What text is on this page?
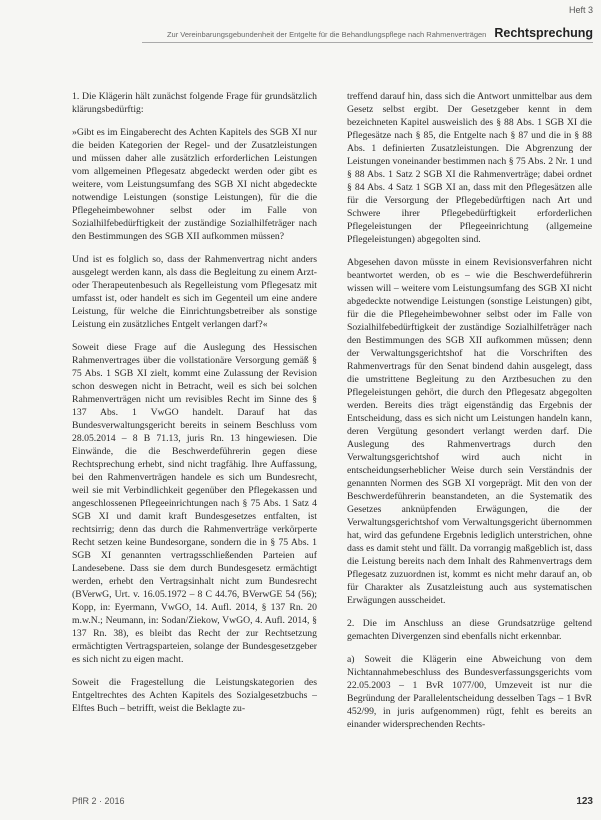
Heft 3
Zur Vereinbarungsgebundenheit der Entgelte für die Behandlungspflege nach Rahmenverträgen Rechtsprechung

1. Die Klägerin hält zunächst folgende Frage für grundsätzlich klärungsbedürftig:

»Gibt es im Eingaberecht des Achten Kapitels des SGB XI nur die beiden Kategorien der Regel- und der Zusatzleistungen und müssen daher alle zusätzlich erforderlichen Leistungen vom allgemeinen Pflegesatz abgedeckt werden oder gibt es weitere, vom Leistungsumfang des SGB XI nicht abgedeckte notwendige Leistungen (sonstige Leistungen), für die die Pflegeheimbewohner selbst oder im Falle von Sozialhilfebedürftigkeit der zuständige Sozialhilfeträger nach den Bestimmungen des SGB XII aufkommen müssen?

Und ist es folglich so, dass der Rahmenvertrag nicht anders ausgelegt werden kann, als dass die Begleitung zu einem Arzt- oder Therapeutenbesuch als Regelleistung vom Pflegesatz mit umfasst ist, oder handelt es sich im Gegenteil um eine andere Leistung, für welche die Einrichtungsbetreiber als sonstige Leistung ein zusätzliches Entgelt verlangen darf?«

Soweit diese Frage auf die Auslegung des Hessischen Rahmenvertrages über die vollstationäre Versorgung gemäß § 75 Abs. 1 SGB XI zielt, kommt eine Zulassung der Revision schon deswegen nicht in Betracht, weil es sich bei solchen Rahmenverträgen nicht um revisibles Recht im Sinne des § 137 Abs. 1 VwGO handelt. Darauf hat das Bundesverwaltungsgericht bereits in seinem Beschluss vom 28.05.2014 – 8 B 71.13, juris Rn. 13 hingewiesen. Die Einwände, die die Beschwerdeführerin gegen diese Rechtsprechung erhebt, sind nicht tragfähig. Ihre Auffassung, bei den Rahmenverträgen handele es sich um Bundesrecht, weil sie mit Verbindlichkeit gegenüber den Pflegekassen und angeschlossenen Pflegeeinrichtungen nach § 75 Abs. 1 Satz 4 SGB XI und damit kraft Bundesgesetzes entfalten, ist rechtsirrig; denn das durch die Rahmenverträge verkörperte Recht setzen keine Bundesorgane, sondern die in § 75 Abs. 1 SGB XI genannten vertragsschließenden Parteien auf Landesebene. Dass sie dem durch Bundesgesetz ermächtigt werden, erhebt den Vertragsinhalt nicht zum Bundesrecht (BVerwG, Urt. v. 16.05.1972 – 8 C 44.76, BVerwGE 54 (56); Kopp, in: Eyermann, VwGO, 14. Aufl. 2014, § 137 Rn. 20 m.w.N.; Neumann, in: Sodan/Ziekow, VwGO, 4. Aufl. 2014, § 137 Rn. 38), es bleibt das Recht der zur Rechtsetzung ermächtigten Vertragsparteien, solange der Bundesgesetzgeber es sich nicht zu eigen macht.

Soweit die Fragestellung die Leistungskategorien des Entgeltrechtes des Achten Kapitels des Sozialgesetzbuchs – Elftes Buch – betrifft, weist die Beklagte zu-

treffend darauf hin, dass sich die Antwort unmittelbar aus dem Gesetz selbst ergibt. Der Gesetzgeber kennt in dem bezeichneten Kapitel ausweislich des § 88 Abs. 1 SGB XI die Pflegesätze nach § 85, die Entgelte nach § 87 und die in § 88 Abs. 1 definierten Zusatzleistungen. Die Abgrenzung der Leistungen voneinander bestimmen nach § 75 Abs. 2 Nr. 1 und § 88 Abs. 1 Satz 2 SGB XI die Rahmenverträge; dabei ordnet § 84 Abs. 4 Satz 1 SGB XI an, dass mit den Pflegesätzen alle für die Versorgung der Pflegebedürftigen nach Art und Schwere ihrer Pflegebedürftigkeit erforderlichen Pflegeleistungen der Pflegeeinrichtung (allgemeine Pflegeleistungen) abgegolten sind.

Abgesehen davon müsste in einem Revisionsverfahren nicht beantwortet werden, ob es – wie die Beschwerdeführerin wissen will – weitere vom Leistungsumfang des SGB XI nicht abgedeckte notwendige Leistungen (sonstige Leistungen) gibt, für die die Pflegeheimbewohner selbst oder im Falle von Sozialhilfebedürftigkeit der zuständige Sozialhilfeträger nach den Bestimmungen des SGB XII aufkommen müssen; denn der Verwaltungsgerichtshof hat die Vorschriften des Rahmenvertrags für den Senat bindend dahin ausgelegt, dass die umstrittene Begleitung zu den Arztbesuchen zu den Pflegeleistungen gehört, die durch den Pflegesatz abgegolten werden. Bereits dies trägt eigenständig das Ergebnis der Entscheidung, dass es sich nicht um Leistungen handeln kann, deren Vergütung gesondert verlangt werden darf. Die Auslegung des Rahmenvertrags durch den Verwaltungsgerichtshof wird auch nicht in entscheidungserheblicher Weise durch sein Verständnis der genannten Normen des SGB XI vorgeprägt. Mit den von der Beschwerdeführerin beanstandeten, an die Systematik des Gesetzes anknüpfenden Erwägungen, die der Verwaltungsgerichtshof vom Verwaltungsgericht übernommen hat, wird das gefundene Ergebnis lediglich unterstrichen, ohne dass es damit steht und fällt. Da vorrangig maßgeblich ist, dass die Leistung bereits nach dem Inhalt des Rahmenvertrags dem Pflegesatz zuzuordnen ist, kommt es nicht mehr darauf an, ob für Charakter als Zusatzleistung auch aus systematischen Erwägungen ausscheidet.

2. Die im Anschluss an diese Grundsatzrüge geltend gemachten Divergenzen sind ebenfalls nicht erkennbar.

a) Soweit die Klägerin eine Abweichung von dem Nichtannahmebeschluss des Bundesverfassungsgerichts vom 22.05.2003 – 1 BvR 1077/00, Umzeveit ist nur die Begründung der Parallelentscheidung desselben Tags – 1 BvR 452/99, in juris aufgenommen) rügt, fehlt es bereits an einander widersprechenden Rechts-

PflR 2 · 2016	123
